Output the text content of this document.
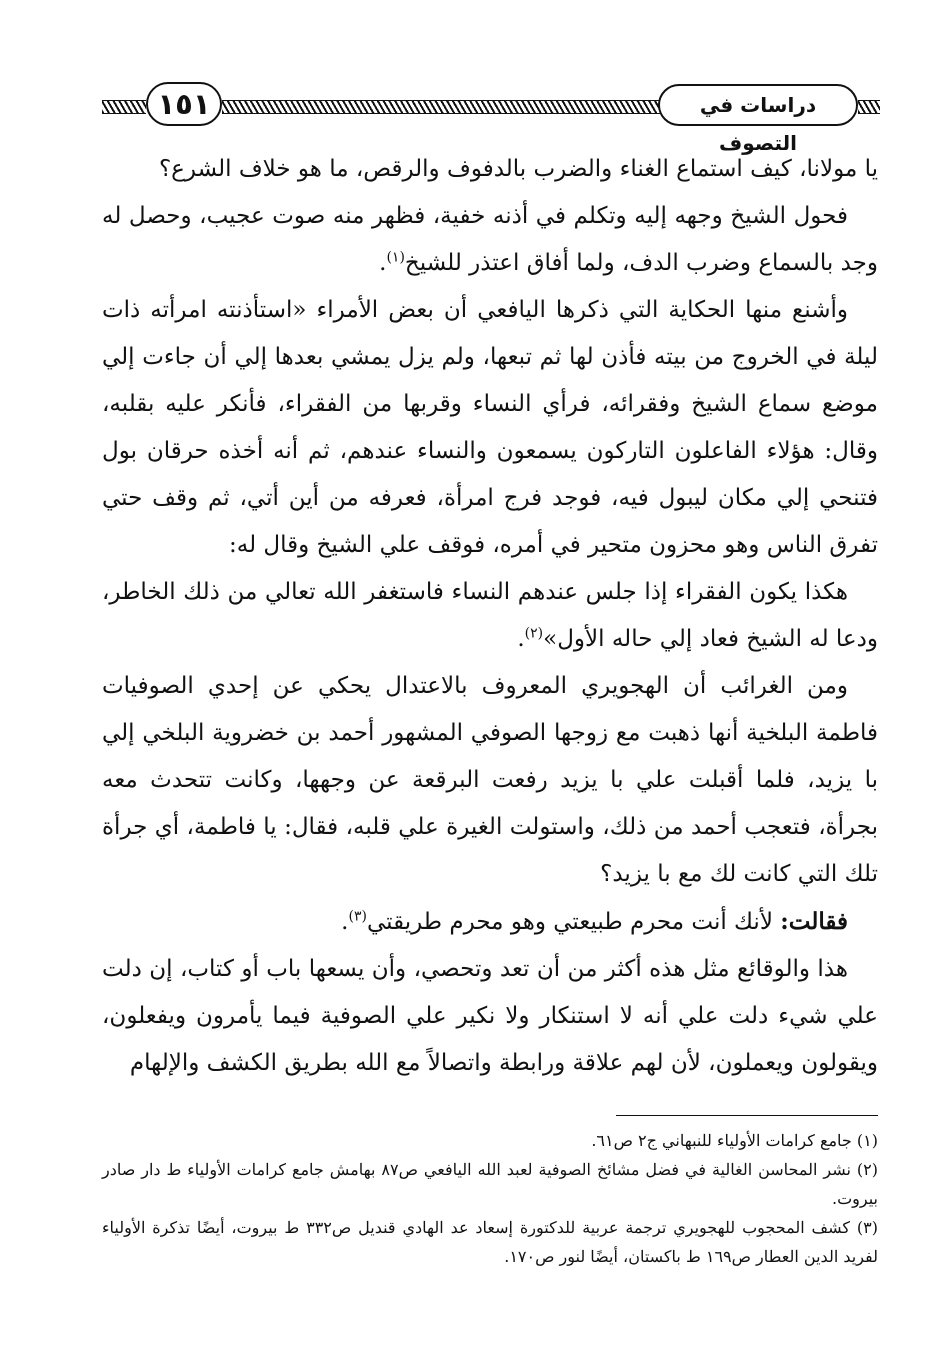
١٥١	دراسات في التصوف

يا مولانا، كيف استماع الغناء والضرب بالدفوف والرقص، ما هو خلاف الشرع؟

فحول الشيخ وجهه إليه وتكلم في أذنه خفية، فظهر منه صوت عجيب، وحصل له وجد بالسماع وضرب الدف، ولما أفاق اعتذر للشيخ$^{(١)}$.

وأشنع منها الحكاية التي ذكرها اليافعي أن بعض الأمراء «استأذنته امرأته ذات ليلة في الخروج من بيته فأذن لها ثم تبعها، ولم يزل يمشي بعدها إلي أن جاءت إلي موضع سماع الشيخ وفقرائه، فرأي النساء وقربها من الفقراء، فأنكر عليه بقلبه، وقال: هؤلاء الفاعلون التاركون يسمعون والنساء عندهم، ثم أنه أخذه حرقان بول فتنحي إلي مكان ليبول فيه، فوجد فرج امرأة، فعرفه من أين أتي، ثم وقف حتي تفرق الناس وهو محزون متحير في أمره، فوقف علي الشيخ وقال له:

هكذا يكون الفقراء إذا جلس عندهم النساء فاستغفر الله تعالي من ذلك الخاطر، ودعا له الشيخ فعاد إلي حاله الأول»$^{(٢)}$.

ومن الغرائب أن الهجويري المعروف بالاعتدال يحكي عن إحدي الصوفيات فاطمة البلخية أنها ذهبت مع زوجها الصوفي المشهور أحمد بن خضروية البلخي إلي با يزيد، فلما أقبلت علي با يزيد رفعت البرقعة عن وجهها، وكانت تتحدث معه بجرأة، فتعجب أحمد من ذلك، واستولت الغيرة علي قلبه، فقال: يا فاطمة، أي جرأة تلك التي كانت لك مع با يزيد؟

فقالت: لأنك أنت محرم طبيعتي وهو محرم طريقتي$^{(٣)}$.

هذا والوقائع مثل هذه أكثر من أن تعد وتحصي، وأن يسعها باب أو كتاب، إن دلت علي شيء دلت علي أنه لا استنكار ولا نكير علي الصوفية فيما يأمرون ويفعلون، ويقولون ويعملون، لأن لهم علاقة ورابطة واتصالاً مع الله بطريق الكشف والإلهام

(١) جامع كرامات الأولياء للنبهاني ج٢ ص٦١.

(٢) نشر المحاسن الغالية في فضل مشائخ الصوفية لعبد الله اليافعي ص٨٧ بهامش جامع كرامات الأولياء ط دار صادر بيروت.

(٣) كشف المحجوب للهجويري ترجمة عربية للدكتورة إسعاد عد الهادي قنديل ص٣٣٢ ط بيروت، أيضًا تذكرة الأولياء لفريد الدين العطار ص١٦٩ ط باكستان، أيضًا لنور ص١٧٠.
